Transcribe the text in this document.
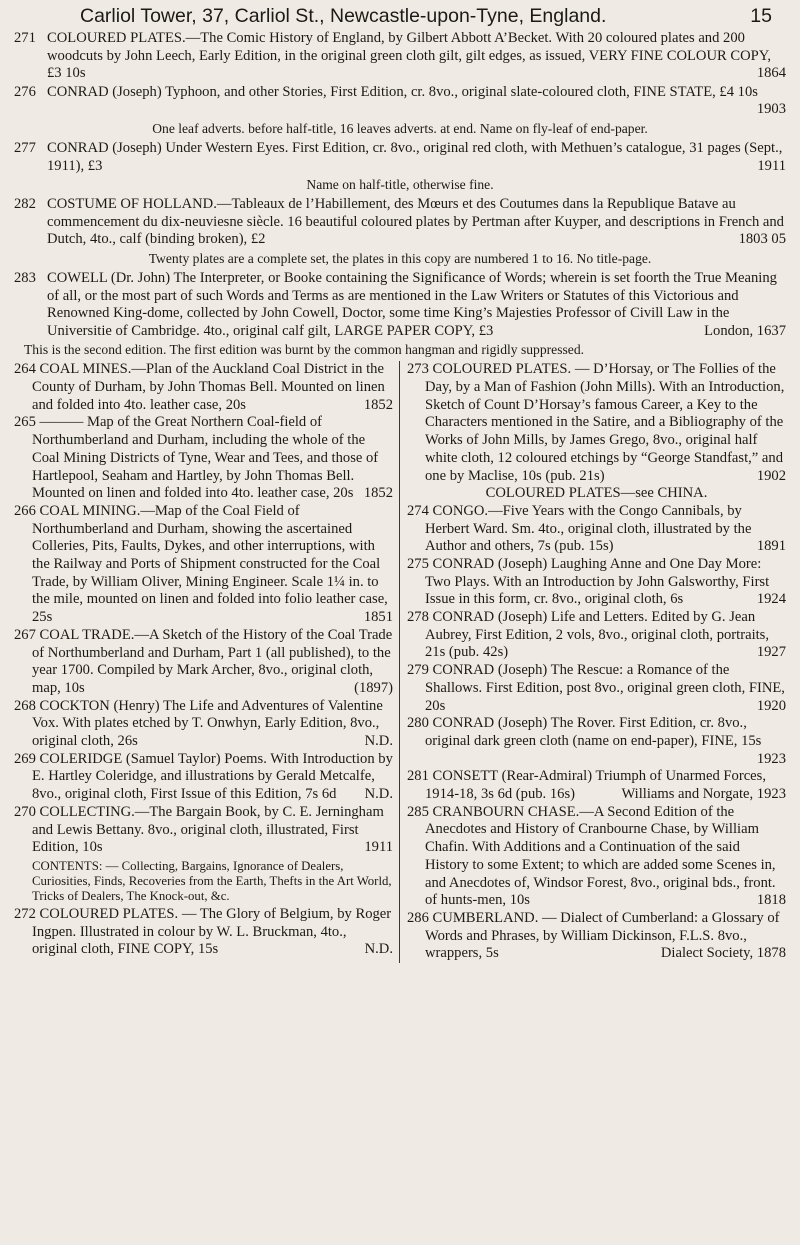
Carliol Tower, 37, Carliol St., Newcastle-upon-Tyne, England.	15
271 COLOURED PLATES.—The Comic History of England, by Gilbert Abbott A’Becket. With 20 coloured plates and 200 woodcuts by John Leech, Early Edition, in the original green cloth gilt, gilt edges, as issued, VERY FINE COLOUR COPY, £3 10s	1864
276 CONRAD (Joseph) Typhoon, and other Stories, First Edition, cr. 8vo., original slate-coloured cloth, FINE STATE, £4 10s
1903
One leaf adverts. before half-title, 16 leaves adverts. at end. Name on fly-leaf of end-paper.
277 CONRAD (Joseph) Under Western Eyes. First Edition, cr. 8vo., original red cloth, with Methuen’s catalogue, 31 pages (Sept., 1911), £3	1911
Name on half-title, otherwise fine.
282 COSTUME OF HOLLAND.—Tableaux de l’Habillement, des Mœurs et des Coutumes dans la Republique Batave au commencement du dix-neuviesne siècle. 16 beautiful coloured plates by Pertman after Kuyper, and descriptions in French and Dutch, 4to., calf (binding broken), £2	1803 05
Twenty plates are a complete set, the plates in this copy are numbered 1 to 16. No title-page.
283 COWELL (Dr. John) The Interpreter, or Booke containing the Significance of Words; wherein is set foorth the True Meaning of all, or the most part of such Words and Terms as are mentioned in the Law Writers or Statutes of this Victorious and Renowned King-dome, collected by John Cowell, Doctor, some time King’s Majesties Professor of Civill Law in the Universitie of Cambridge. 4to., original calf gilt, LARGE PAPER COPY, £3	London, 1637
This is the second edition. The first edition was burnt by the common hangman and rigidly suppressed.
264 COAL MINES.—Plan of the Auckland Coal District in the County of Durham, by John Thomas Bell. Mounted on linen and folded into 4to. leather case, 20s	1852
265 ——— Map of the Great Northern Coal-field of Northumberland and Durham, including the whole of the Coal Mining Districts of Tyne, Wear and Tees, and those of Hartlepool, Seaham and Hartley, by John Thomas Bell. Mounted on linen and folded into 4to. leather case, 20s 1852
266 COAL MINING.—Map of the Coal Field of Northumberland and Durham, showing the ascertained Colleries, Pits, Faults, Dykes, and other interruptions, with the Railway and Ports of Shipment constructed for the Coal Trade, by William Oliver, Mining Engineer. Scale 1¼ in. to the mile, mounted on linen and folded into folio leather case, 25s	1851
267 COAL TRADE.—A Sketch of the History of the Coal Trade of Northumberland and Durham, Part 1 (all published), to the year 1700. Compiled by Mark Archer, 8vo., original cloth, map, 10s	(1897)
268 COCKTON (Henry) The Life and Adventures of Valentine Vox. With plates etched by T. Onwhyn, Early Edition, 8vo., original cloth, 26s	N.D.
269 COLERIDGE (Samuel Taylor) Poems. With Introduction by E. Hartley Coleridge, and illustrations by Gerald Metcalfe, 8vo., original cloth, First Issue of this Edition, 7s 6d N.D.
270 COLLECTING.—The Bargain Book, by C. E. Jerningham and Lewis Bettany. 8vo., original cloth, illustrated, First Edition, 10s	1911
CONTENTS: — Collecting, Bargains, Ignorance of Dealers, Curiosities, Finds, Recoveries from the Earth, Thefts in the Art World, Tricks of Dealers, The Knock-out, &c.
272 COLOURED PLATES. — The Glory of Belgium, by Roger Ingpen. Illustrated in colour by W. L. Bruckman, 4to., original cloth, FINE COPY, 15s	N.D.
273 COLOURED PLATES. — D’Horsay, or The Follies of the Day, by a Man of Fashion (John Mills). With an Introduction, Sketch of Count D’Horsay’s famous Career, a Key to the Characters mentioned in the Satire, and a Bibliography of the Works of John Mills, by James Grego, 8vo., original half white cloth, 12 coloured etchings by “George Standfast,” and one by Maclise, 10s (pub. 21s)	1902
COLOURED PLATES—see CHINA.
274 CONGO.—Five Years with the Congo Cannibals, by Herbert Ward. Sm. 4to., original cloth, illustrated by the Author and others, 7s (pub. 15s)	1891
275 CONRAD (Joseph) Laughing Anne and One Day More: Two Plays. With an Introduction by John Galsworthy, First Issue in this form, cr. 8vo., original cloth, 6s	1924
278 CONRAD (Joseph) Life and Letters. Edited by G. Jean Aubrey, First Edition, 2 vols, 8vo., original cloth, portraits, 21s (pub. 42s)	1927
279 CONRAD (Joseph) The Rescue: a Romance of the Shallows. First Edition, post 8vo., original green cloth, FINE, 20s	1920
280 CONRAD (Joseph) The Rover. First Edition, cr. 8vo., original dark green cloth (name on end-paper), FINE, 15s
1923
281 CONSETT (Rear-Admiral) Triumph of Unarmed Forces, 1914-18, 3s 6d (pub. 16s)	Williams and Norgate, 1923
285 CRANBOURN CHASE.—A Second Edition of the Anecdotes and History of Cranbourne Chase, by William Chafin. With Additions and a Continuation of the said History to some Extent; to which are added some Scenes in, and Anecdotes of, Windsor Forest, 8vo., original bds., front. of hunts-men, 10s	1818
286 CUMBERLAND. — Dialect of Cumberland: a Glossary of Words and Phrases, by William Dickinson, F.L.S. 8vo., wrappers, 5s	Dialect Society, 1878
